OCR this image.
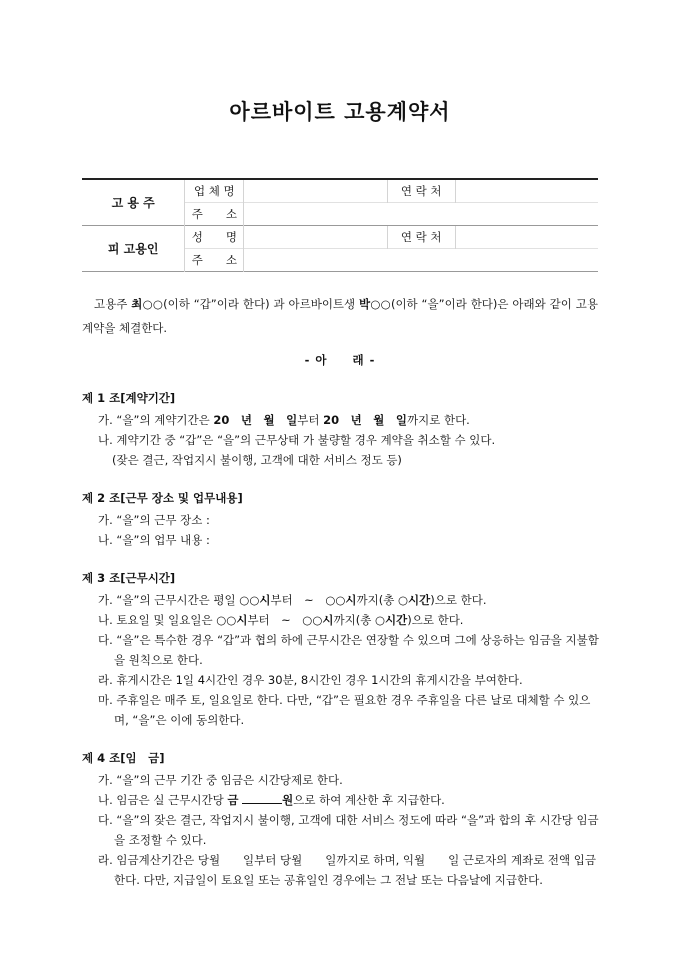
아르바이트 고용계약서
고 용 주	업 체 명		연 락 처	
	주　　소			
피 고용인	성　　명		연 락 처	
	주　　소			
고용주 최○○(이하 “갑”이라 한다) 과 아르바이트생 박○○(이하 “을”이라 한다)은 아래와 같이 고용계약을 체결한다.
- 아　　래 -
제 1 조[계약기간]
가. “을”의 계약기간은 20　년　월　일부터 20　년　월　일까지로 한다.
나. 계약기간 중 “갑”은 “을”의 근무상태 가 불량할 경우 계약을 취소할 수 있다.
(잦은 결근, 작업지시 불이행, 고객에 대한 서비스 정도 등)
제 2 조[근무 장소 및 업무내용]
가. “을”의 근무 장소 :
나. “을”의 업무 내용 :
제 3 조[근무시간]
가. “을”의 근무시간은 평일 ○○시부터　~　○○시까지(총 ○시간)으로 한다.
나. 토요일 및 일요일은 ○○시부터　~　○○시까지(총 ○시간)으로 한다.
다. “을”은 특수한 경우 “갑”과 협의 하에 근무시간은 연장할 수 있으며 그에 상응하는 임금을 지불함을 원칙으로 한다.
라. 휴게시간은 1일 4시간인 경우 30분, 8시간인 경우 1시간의 휴게시간을 부여한다.
마. 주휴일은 매주 토, 일요일로 한다. 다만, “갑”은 필요한 경우 주휴일을 다른 날로 대체할 수 있으며, “을”은 이에 동의한다.
제 4 조[임　금]
가. “을”의 근무 기간 중 임금은 시간당제로 한다.
나. 임금은 실 근무시간당 금	원으로 하여 계산한 후 지급한다.
다. “을”의 잦은 결근, 작업지시 불이행, 고객에 대한 서비스 정도에 따라 “을”과 합의 후 시간당 임금을 조정할 수 있다.
라. 임금계산기간은 당월　　일부터 당월　　일까지로 하며, 익월　　일 근로자의 계좌로 전액 입금한다. 다만, 지급일이 토요일 또는 공휴일인 경우에는 그 전날 또는 다음날에 지급한다.
